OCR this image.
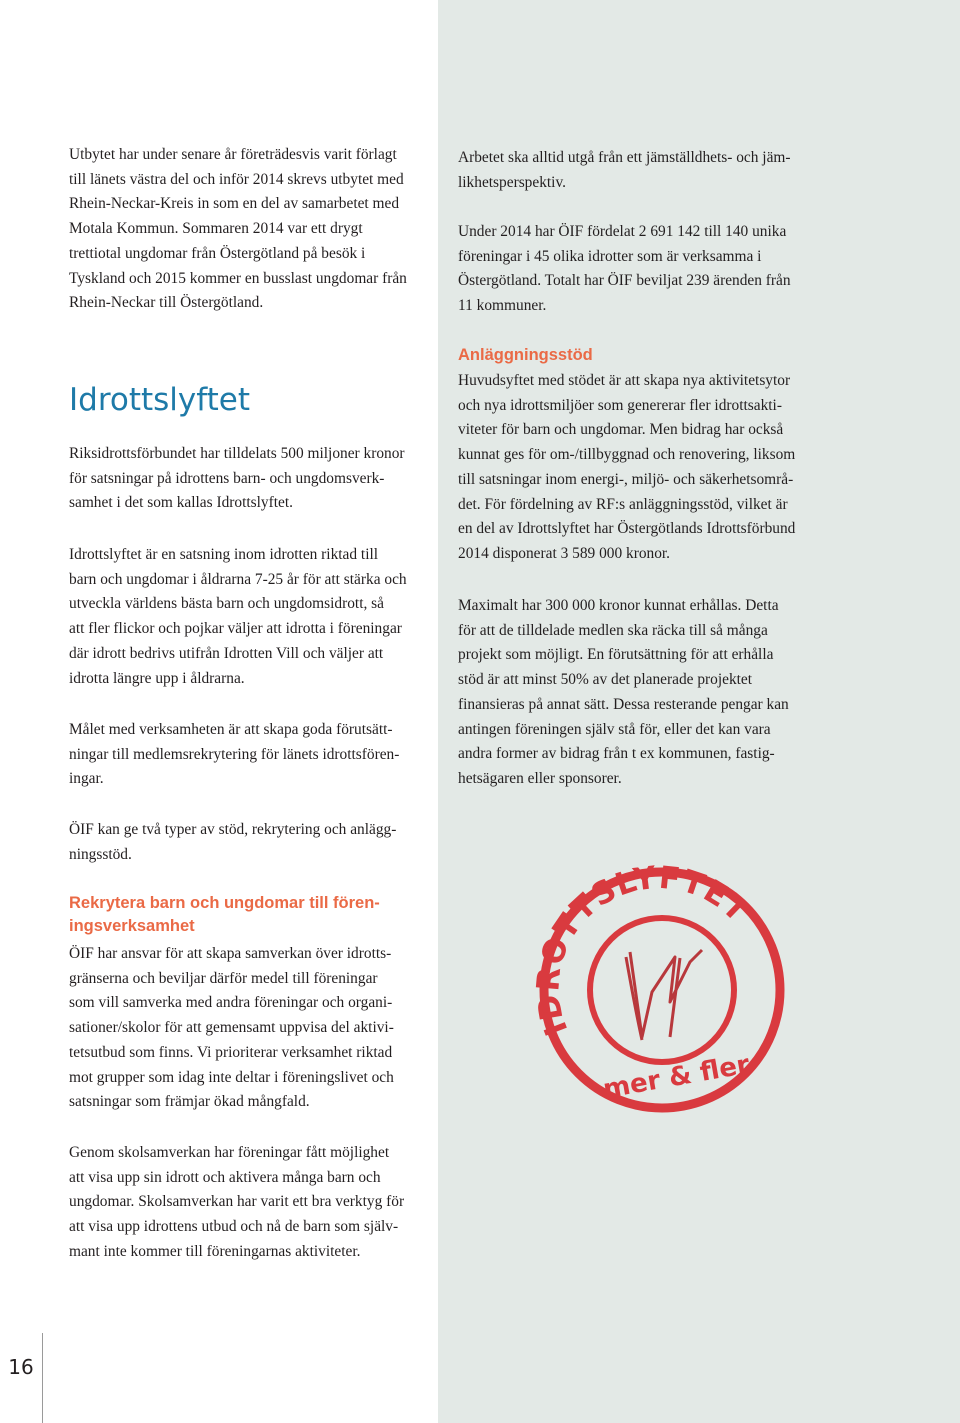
Utbytet har under senare år företrädesvis varit förlagt
till länets västra del och inför 2014 skrevs utbytet med
Rhein-Neckar-Kreis in som en del av samarbetet med
Motala Kommun. Sommaren 2014 var ett drygt
trettiotal ungdomar från Östergötland på besök i
Tyskland och 2015 kommer en busslast ungdomar från
Rhein-Neckar till Östergötland.

Idrottslyftet

Riksidrottsförbundet har tilldelats 500 miljoner kronor
för satsningar på idrottens barn- och ungdomsverk-
samhet i det som kallas Idrottslyftet.

Idrottslyftet är en satsning inom idrotten riktad till
barn och ungdomar i åldrarna 7-25 år för att stärka och
utveckla världens bästa barn och ungdomsidrott, så
att fler flickor och pojkar väljer att idrotta i föreningar
där idrott bedrivs utifrån Idrotten Vill och väljer att
idrotta längre upp i åldrarna.

Målet med verksamheten är att skapa goda förutsätt-
ningar till medlemsrekrytering för länets idrottsfören-
ingar.

ÖIF kan ge två typer av stöd, rekrytering och anlägg-
ningsstöd.

Rekrytera barn och ungdomar till fören-
ingsverksamhet

ÖIF har ansvar för att skapa samverkan över idrotts-
gränserna och beviljar därför medel till föreningar
som vill samverka med andra föreningar och organi-
sationer/skolor för att gemensamt uppvisa del aktivi-
tetsutbud som finns. Vi prioriterar verksamhet riktad
mot grupper som idag inte deltar i föreningslivet och
satsningar som främjar ökad mångfald.

Genom skolsamverkan har föreningar fått möjlighet
att visa upp sin idrott och aktivera många barn och
ungdomar. Skolsamverkan har varit ett bra verktyg för
att visa upp idrottens utbud och nå de barn som själv-
mant inte kommer till föreningarnas aktiviteter.

Arbetet ska alltid utgå från ett jämställdhets- och jäm-
likhetsperspektiv.

Under 2014 har ÖIF fördelat 2 691 142 till 140 unika
föreningar i 45 olika idrotter som är verksamma i
Östergötland. Totalt har ÖIF beviljat 239 ärenden från
11 kommuner.

Anläggningsstöd

Huvudsyftet med stödet är att skapa nya aktivitetsytor
och nya idrottsmiljöer som genererar fler idrottsakti-
viteter för barn och ungdomar. Men bidrag har också
kunnat ges för om-/tillbyggnad och renovering, liksom
till satsningar inom energi-, miljö- och säkerhetsområ-
det. För fördelning av RF:s anläggningsstöd, vilket är
en del av Idrottslyftet har Östergötlands Idrottsförbund
2014 disponerat 3 589 000 kronor.

Maximalt har 300 000 kronor kunnat erhållas. Detta
för att de tilldelade medlen ska räcka till så många
projekt som möjligt. En förutsättning för att erhålla
stöd är att minst 50% av det planerade projektet
finansieras på annat sätt. Dessa resterande pengar kan
antingen föreningen själv stå för, eller det kan vara
andra former av bidrag från t ex kommunen, fastig-
hetsägaren eller sponsorer.

IDROTTSLYFTET
mer & fler
16
